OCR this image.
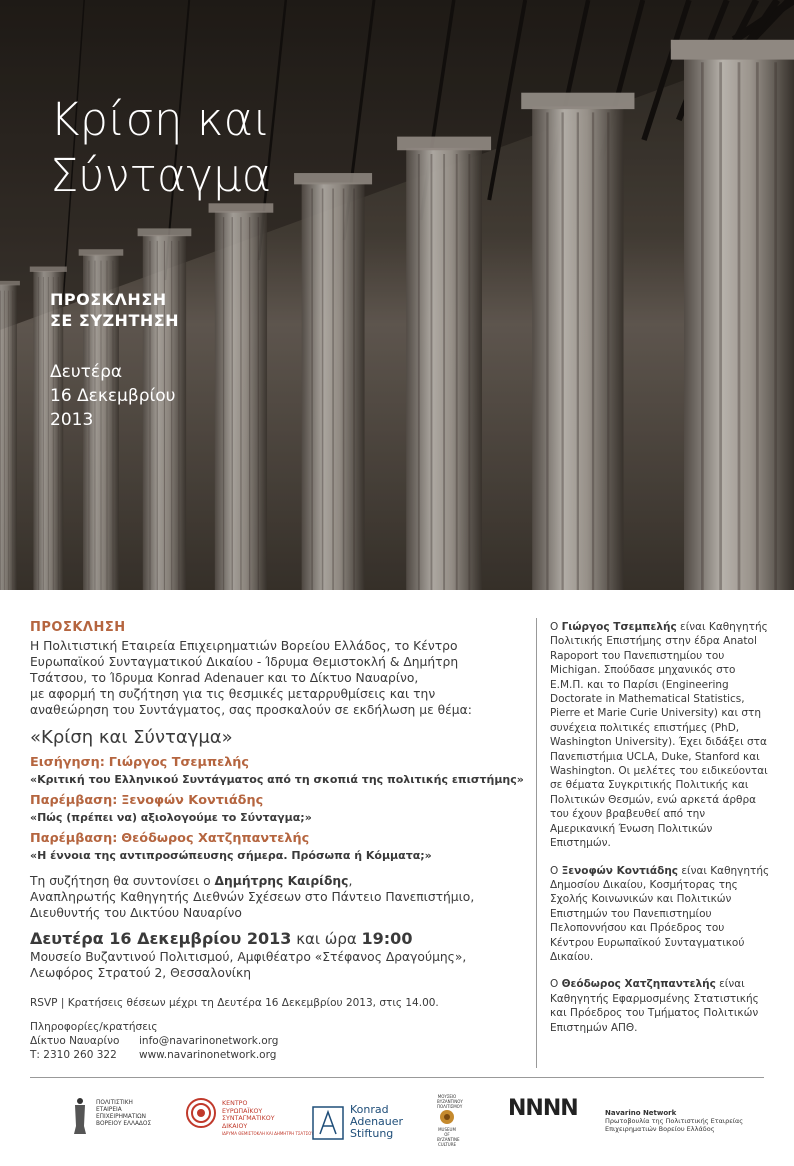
Κρίση και
Σύνταγμα
ΠΡΟΣΚΛΗΣΗ
ΣΕ ΣΥΖΗΤΗΣΗ
Δευτέρα
16 Δεκεμβρίου
2013
ΠΡΟΣΚΛΗΣΗ
Η Πολιτιστική Εταιρεία Επιχειρηματιών Βορείου Ελλάδος, το Κέντρο
Ευρωπαϊκού Συνταγματικού Δικαίου - Ίδρυμα Θεμιστοκλή & Δημήτρη
Τσάτσου, το Ίδρυμα Konrad Adenauer και το Δίκτυο Ναυαρίνο,
με αφορμή τη συζήτηση για τις θεσμικές μεταρρυθμίσεις και την
αναθεώρηση του Συντάγματος, σας προσκαλούν σε εκδήλωση με θέμα:
«Κρίση και Σύνταγμα»
Εισήγηση: Γιώργος Τσεμπελής
«Κριτική του Ελληνικού Συντάγματος από τη σκοπιά της πολιτικής επιστήμης»
Παρέμβαση: Ξενοφών Κοντιάδης
«Πώς (πρέπει να) αξιολογούμε το Σύνταγμα;»
Παρέμβαση: Θεόδωρος Χατζηπαντελής
«Η έννοια της αντιπροσώπευσης σήμερα. Πρόσωπα ή Κόμματα;»
Τη συζήτηση θα συντονίσει ο Δημήτρης Καιρίδης,
Αναπληρωτής Καθηγητής Διεθνών Σχέσεων στο Πάντειο Πανεπιστήμιο,
Διευθυντής του Δικτύου Ναυαρίνο
Δευτέρα 16 Δεκεμβρίου 2013 και ώρα 19:00
Μουσείο Βυζαντινού Πολιτισμού, Αμφιθέατρο «Στέφανος Δραγούμης»,
Λεωφόρος Στρατού 2, Θεσσαλονίκη
RSVP | Κρατήσεις θέσεων μέχρι τη Δευτέρα 16 Δεκεμβρίου 2013, στις 14.00.
Πληροφορίες/κρατήσεις
Δίκτυο Ναυαρίνο info@navarinonetwork.org
Τ: 2310 260 322 www.navarinonetwork.org

Ο Γιώργος Τσεμπελής είναι Καθηγητής Πολιτικής Επιστήμης στην έδρα Anatol Rapoport του Πανεπιστημίου του Michigan. Σπούδασε μηχανικός στο Ε.Μ.Π. και το Παρίσι (Engineering Doctorate in Mathematical Statistics, Pierre et Marie Curie University) και στη συνέχεια πολιτικές επιστήμες (PhD, Washington University). Έχει διδάξει στα Πανεπιστήμια UCLA, Duke, Stanford και Washington. Οι μελέτες του ειδικεύονται σε θέματα Συγκριτικής Πολιτικής και Πολιτικών Θεσμών, ενώ αρκετά άρθρα του έχουν βραβευθεί από την Αμερικανική Ένωση Πολιτικών Επιστημών.

Ο Ξενοφών Κοντιάδης είναι Καθηγητής Δημοσίου Δικαίου, Κοσμήτορας της Σχολής Κοινωνικών και Πολιτικών Επιστημών του Πανεπιστημίου Πελοποννήσου και Πρόεδρος του Κέντρου Ευρωπαϊκού Συνταγματικού Δικαίου.

Ο Θεόδωρος Χατζηπαντελής είναι Καθηγητής Εφαρμοσμένης Στατιστικής και Πρόεδρος του Τμήματος Πολιτικών Επιστημών ΑΠΘ.

ΠΟΛΙΤΙΣΤΙΚΗ
ΕΤΑΙΡΕΙΑ
ΕΠΙΧΕΙΡΗΜΑΤΙΩΝ
ΒΟΡΕΙΟΥ ΕΛΛΑΔΟΣ
ΚΕΝΤΡΟ
ΕΥΡΩΠΑΪΚΟΥ
ΣΥΝΤΑΓΜΑΤΙΚΟΥ
ΔΙΚΑΙΟΥ
ΙΔΡΥΜΑ ΘΕΜΙΣΤΟΚΛΗ ΚΑΙ ΔΗΜΗΤΡΗ ΤΣΑΤΣΟΥ
Konrad
Adenauer
Stiftung
ΜΟΥΣΕΙΟ ΒΥΖΑΝΤΙΝΟΥ ΠΟΛΙΤΙΣΜΟΥ
MUSEUM OF BYZANTINE CULTURE
NNNN	Navarino Network
Πρωτοβουλία της Πολιτιστικής Εταιρείας
Επιχειρηματιών Βορείου Ελλάδος
